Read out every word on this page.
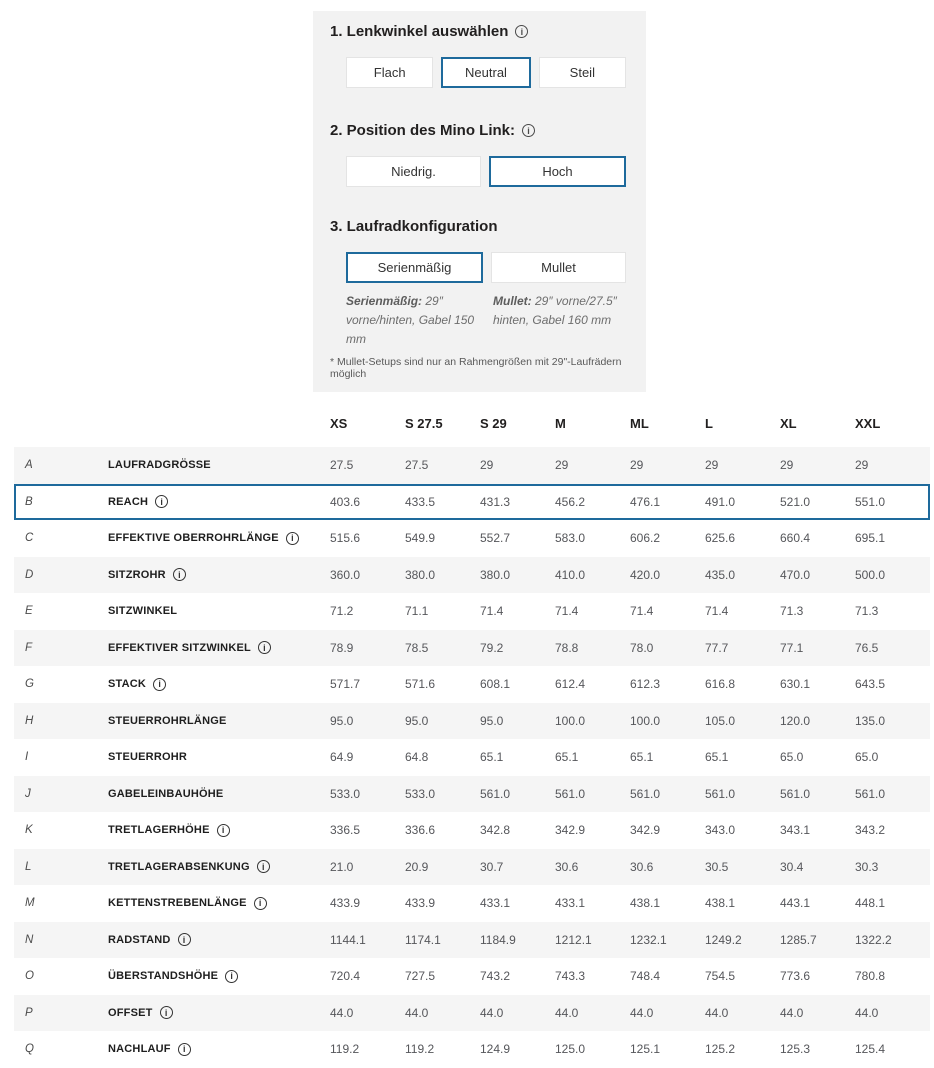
1. Lenkwinkel auswählen	i
Flach	Neutral	Steil
2. Position des Mino Link:	i
Niedrig.	Hoch
3. Laufradkonfiguration
Serienmäßig	Mullet

Serienmäßig: 29″ vorne/hinten, Gabel 150 mm

Mullet: 29″ vorne/27.5″ hinten, Gabel 160 mm

* Mullet-Setups sind nur an Rahmengrößen mit 29"-Laufrädern möglich

XS	S 27.5	S 29	M	ML	L	XL	XXL
A	LAUFRADGRÖSSE	27.5	27.5	29	29	29	29	29	29
B	REACH	i	403.6	433.5	431.3	456.2	476.1	491.0	521.0	551.0
C	EFFEKTIVE OBERROHRLÄNGE	i	515.6	549.9	552.7	583.0	606.2	625.6	660.4	695.1
D	SITZROHR	i	360.0	380.0	380.0	410.0	420.0	435.0	470.0	500.0
E	SITZWINKEL	71.2	71.1	71.4	71.4	71.4	71.4	71.3	71.3
F	EFFEKTIVER SITZWINKEL	i	78.9	78.5	79.2	78.8	78.0	77.7	77.1	76.5
G	STACK	i	571.7	571.6	608.1	612.4	612.3	616.8	630.1	643.5
H	STEUERROHRLÄNGE	95.0	95.0	95.0	100.0	100.0	105.0	120.0	135.0
I	STEUERROHR	64.9	64.8	65.1	65.1	65.1	65.1	65.0	65.0
J	GABELEINBAUHÖHE	533.0	533.0	561.0	561.0	561.0	561.0	561.0	561.0
K	TRETLAGERHÖHE	i	336.5	336.6	342.8	342.9	342.9	343.0	343.1	343.2
L	TRETLAGERABSENKUNG	i	21.0	20.9	30.7	30.6	30.6	30.5	30.4	30.3
M	KETTENSTREBENLÄNGE	i	433.9	433.9	433.1	433.1	438.1	438.1	443.1	448.1
N	RADSTAND	i	1144.1	1174.1	1184.9	1212.1	1232.1	1249.2	1285.7	1322.2
O	ÜBERSTANDSHÖHE	i	720.4	727.5	743.2	743.3	748.4	754.5	773.6	780.8
P	OFFSET	i	44.0	44.0	44.0	44.0	44.0	44.0	44.0	44.0
Q	NACHLAUF	i	119.2	119.2	124.9	125.0	125.1	125.2	125.3	125.4
